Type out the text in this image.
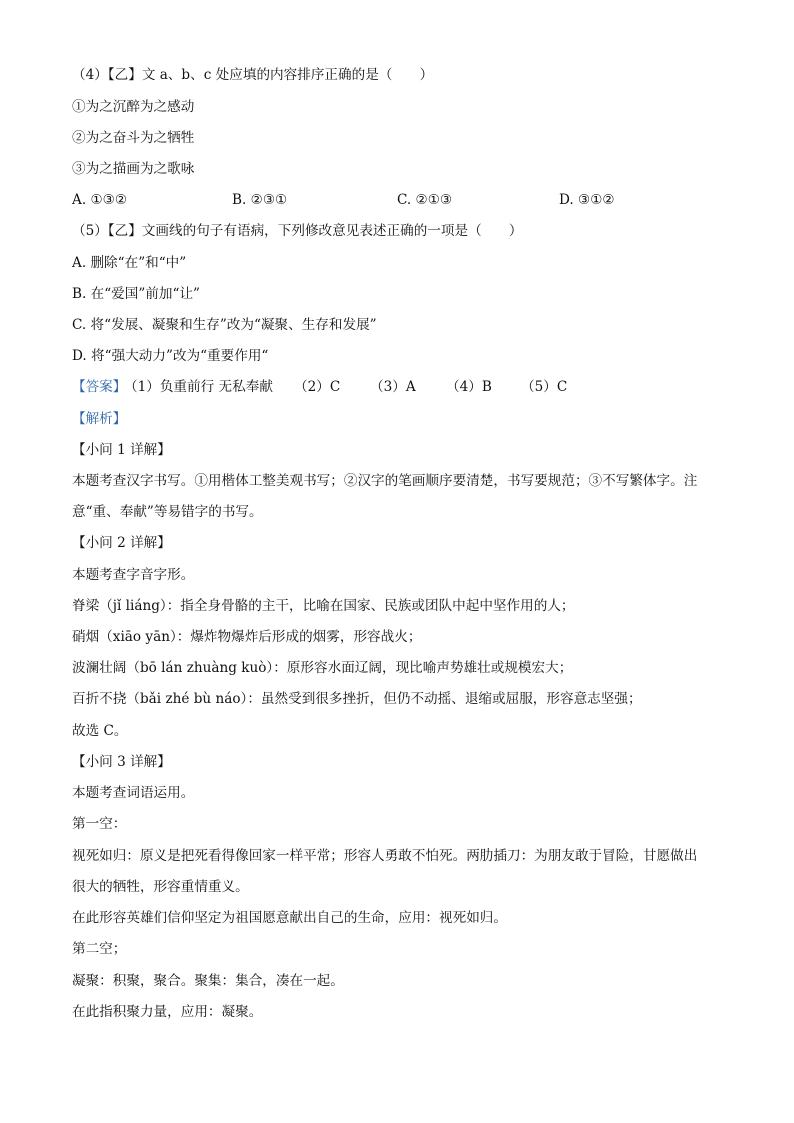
（4）【乙】文 a、b、c 处应填的内容排序正确的是（　　）
①为之沉醉为之感动
②为之奋斗为之牺牲
③为之描画为之歌咏
A. ①③②	B. ②③①	C. ②①③	D. ③①②
（5）【乙】文画线的句子有语病，下列修改意见表述正确的一项是（　　）
A. 删除“在”和“中”
B. 在“爱国”前加“让”
C. 将“发展、凝聚和生存”改为“凝聚、生存和发展”
D. 将“强大动力”改为“重要作用“
【答案】
（1）负重前行 无私奉献 （2）C （3）A （4）B （5）C
【解析】
【小问 1 详解】
本题考查汉字书写。①用楷体工整美观书写；②汉字的笔画顺序要清楚，书写要规范；③不写繁体字。注
意“重、奉献”等易错字的书写。
【小问 2 详解】
本题考查字音字形。
脊梁（jǐ liáng）：指全身骨骼的主干，比喻在国家、民族或团队中起中坚作用的人；
硝烟（xiāo yān）：爆炸物爆炸后形成的烟雾，形容战火；
波澜壮阔（bō lán zhuàng kuò）：原形容水面辽阔，现比喻声势雄壮或规模宏大；
百折不挠（bǎi zhé bù náo）：虽然受到很多挫折，但仍不动摇、退缩或屈服，形容意志坚强；
故选 C。
【小问 3 详解】
本题考查词语运用。
第一空：
视死如归：原义是把死看得像回家一样平常；形容人勇敢不怕死。两肋插刀：为朋友敢于冒险，甘愿做出
很大的牺牲，形容重情重义。
在此形容英雄们信仰坚定为祖国愿意献出自己的生命，应用：视死如归。
第二空；
凝聚：积聚，聚合。聚集：集合，凑在一起。
在此指积聚力量，应用：凝聚。
